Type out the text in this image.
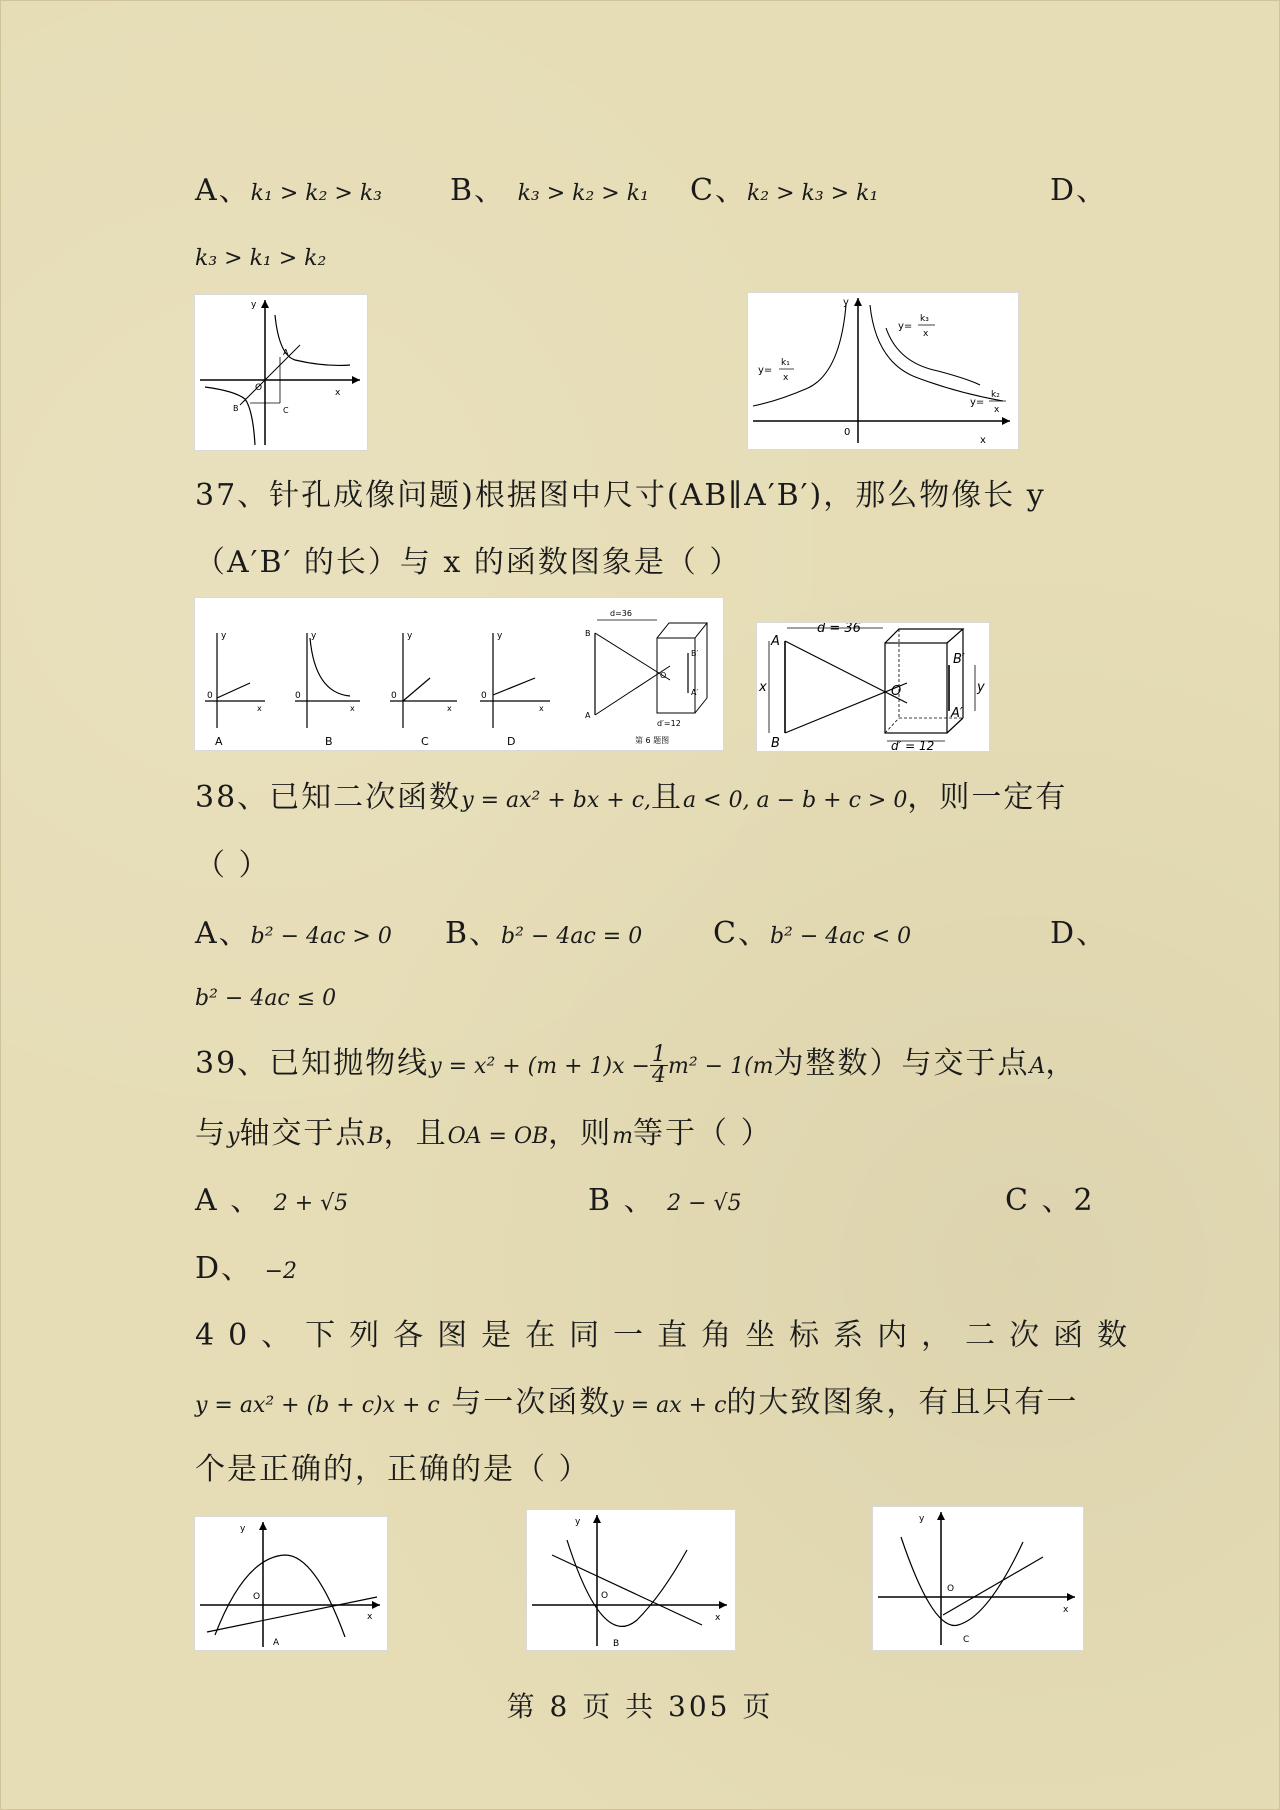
A、k₁ > k₂ > k₃ B、 k₃ > k₂ > k₁ C、k₂ > k₃ > k₁	D、
k₃ > k₁ > k₂
y
x
O
A
B	C
y
x
0
y=
k₁
x
y=
k₃
x
y=
k₂
x
37、针孔成像问题)根据图中尺寸(AB∥A′B′)，那么物像长 y
（A′B′ 的长）与 x 的函数图象是（ ）
y
0
x
A
y
0
x
B
y
0
x
C
y
0
x
D
d=36
d′=12
B
A
B′
A′
O
第 6 题图
d = 36
d′ = 12
A
B
B′
A′
O
x	y
38、已知二次函数y = ax² + bx + c,且a < 0, a − b + c > 0，则一定有
（ ）
A、b² − 4ac > 0 B、b² − 4ac = 0 C、b² − 4ac < 0	D、
b² − 4ac ≤ 0
39、已知抛物线$y = x^2 + (m + 1)x - \frac{1}{4} m^2 - 1(m$为整数）与交于点A，
与y轴交于点B，且OA = OB，则m等于（ ）
A 、 2 + √5	B 、 2 − √5	C 、2
D、 −2
40、下列各图是在同一直角坐标系内，二次函数
y = ax² + (b + c)x + c 与一次函数y = ax + c的大致图象，有且只有一
个是正确的，正确的是（ ）
y
x
O
A
y
x
O
B
y
x
O
C
第 8 页 共 305 页
